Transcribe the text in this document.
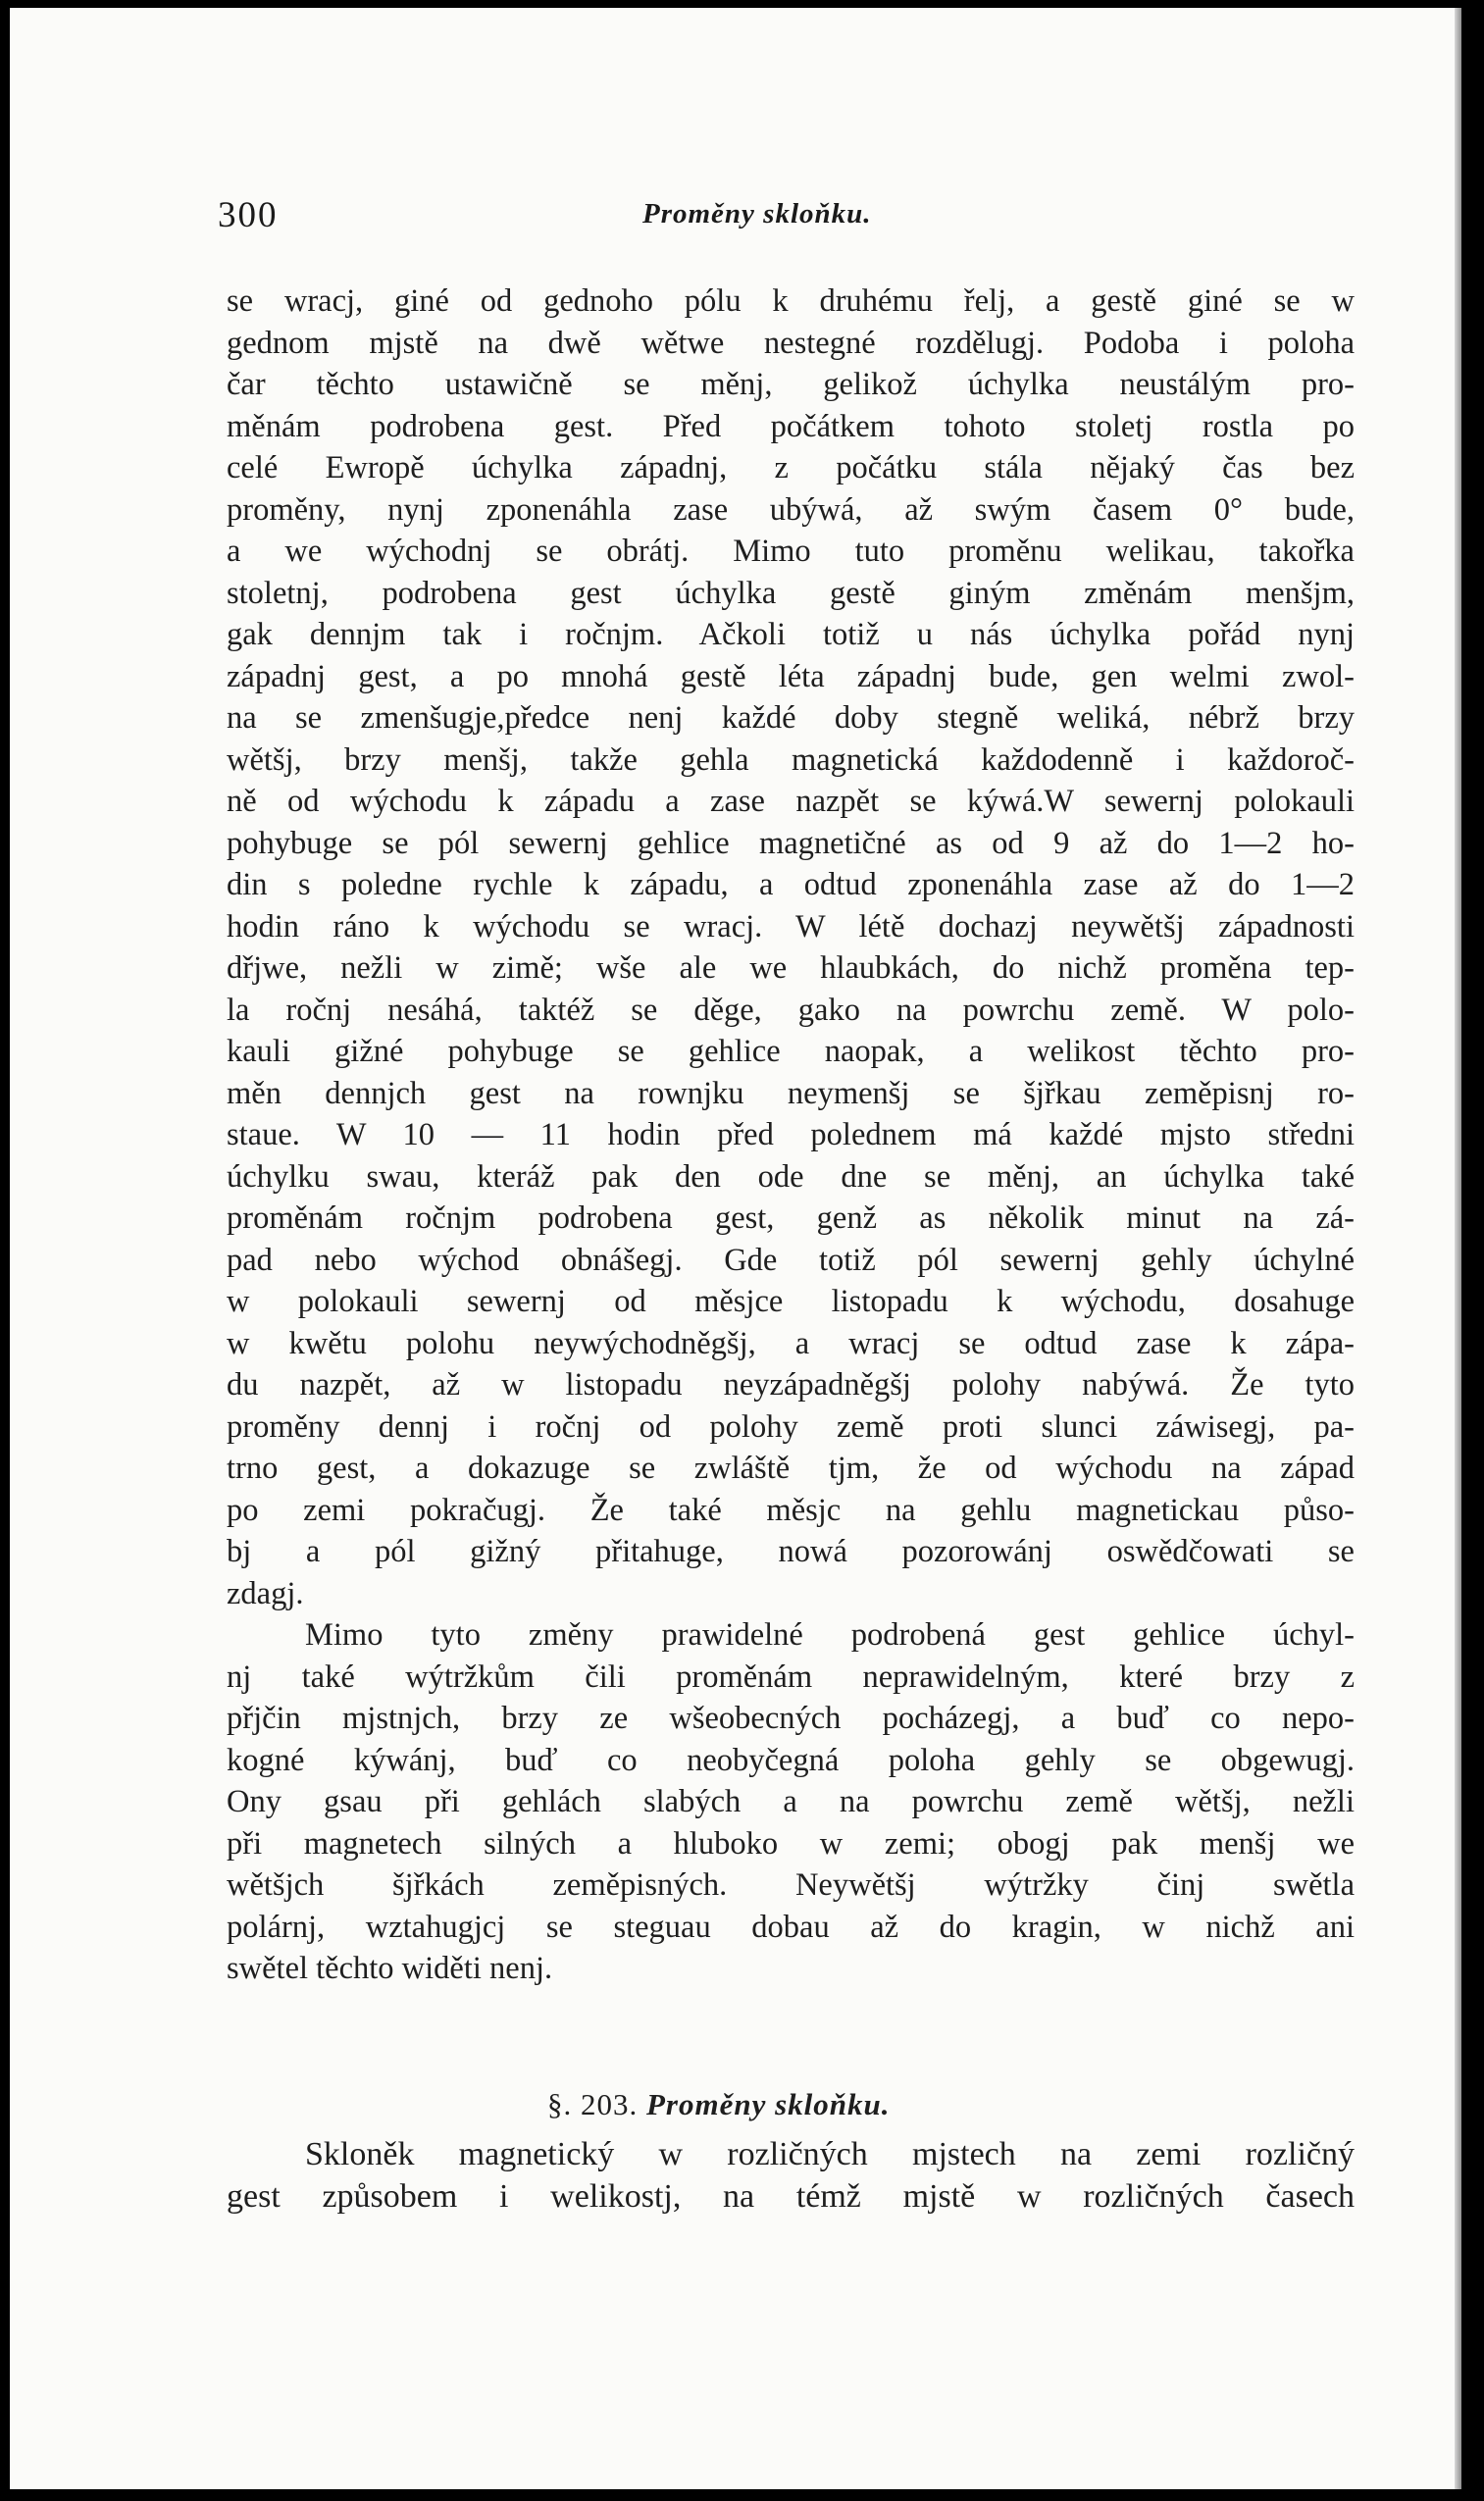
300	Proměny skloňku.
se wracj, giné od gednoho pólu k druhému řelj, a gestě giné se w
gednom mjstě na dwě wětwe nestegné rozdělugj. Podoba i poloha
čar těchto ustawičně se měnj, gelikož úchylka neustálým pro-
měnám podrobena gest. Před počátkem tohoto stoletj rostla po
celé Ewropě úchylka západnj, z počátku stála nějaký čas bez
proměny, nynj zponenáhla zase ubýwá, až swým časem 0° bude,
a we wýchodnj se obrátj. Mimo tuto proměnu welikau, takořka
stoletnj, podrobena gest úchylka gestě giným změnám menšjm,
gak dennjm tak i ročnjm. Ačkoli totiž u nás úchylka pořád nynj
západnj gest, a po mnohá gestě léta západnj bude, gen welmi zwol-
na se zmenšugje,předce nenj každé doby stegně weliká, nébrž brzy
wětšj, brzy menšj, takže gehla magnetická každodenně i každoroč-
ně od wýchodu k západu a zase nazpět se kýwá.W sewernj polokauli
pohybuge se pól sewernj gehlice magnetičné as od 9 až do 1—2 ho-
din s poledne rychle k západu, a odtud zponenáhla zase až do 1—2
hodin ráno k wýchodu se wracj. W létě dochazj neywětšj západnosti
dřjwe, nežli w zimě; wše ale we hlaubkách, do nichž proměna tep-
la ročnj nesáhá, taktéž se děge, gako na powrchu země. W polo-
kauli gižné pohybuge se gehlice naopak, a welikost těchto pro-
měn dennjch gest na rownjku neymenšj se šjřkau zeměpisnj ro-
staue. W 10 — 11 hodin před polednem má každé mjsto středni
úchylku swau, kteráž pak den ode dne se měnj, an úchylka také
proměnám ročnjm podrobena gest, genž as několik minut na zá-
pad nebo wýchod obnášegj. Gde totiž pól sewernj gehly úchylné
w polokauli sewernj od měsjce listopadu k wýchodu, dosahuge
w kwětu polohu neywýchodněgšj, a wracj se odtud zase k zápa-
du nazpět, až w listopadu neyzápadněgšj polohy nabýwá. Že tyto
proměny dennj i ročnj od polohy země proti slunci záwisegj, pa-
trno gest, a dokazuge se zwláště tjm, že od wýchodu na západ
po zemi pokračugj. Že také měsjc na gehlu magnetickau půso-
bj a pól gižný přitahuge, nowá pozorowánj oswědčowati se
zdagj.
Mimo tyto změny prawidelné podrobená gest gehlice úchyl-
nj také wýtržkům čili proměnám neprawidelným, které brzy z
přjčin mjstnjch, brzy ze wšeobecných pocházegj, a buď co nepo-
kogné kýwánj, buď co neobyčegná poloha gehly se obgewugj.
Ony gsau při gehlách slabých a na powrchu země wětšj, nežli
při magnetech silných a hluboko w zemi; obogj pak menšj we
wětšjch šjřkách zeměpisných. Neywětšj wýtržky činj swětla
polárnj, wztahugjcj se steguau dobau až do kragin, w nichž ani
swětel těchto widěti nenj.
§. 203. Proměny skloňku.
Skloněk magnetický w rozličných mjstech na zemi rozličný
gest způsobem i welikostj, na témž mjstě w rozličných časech
